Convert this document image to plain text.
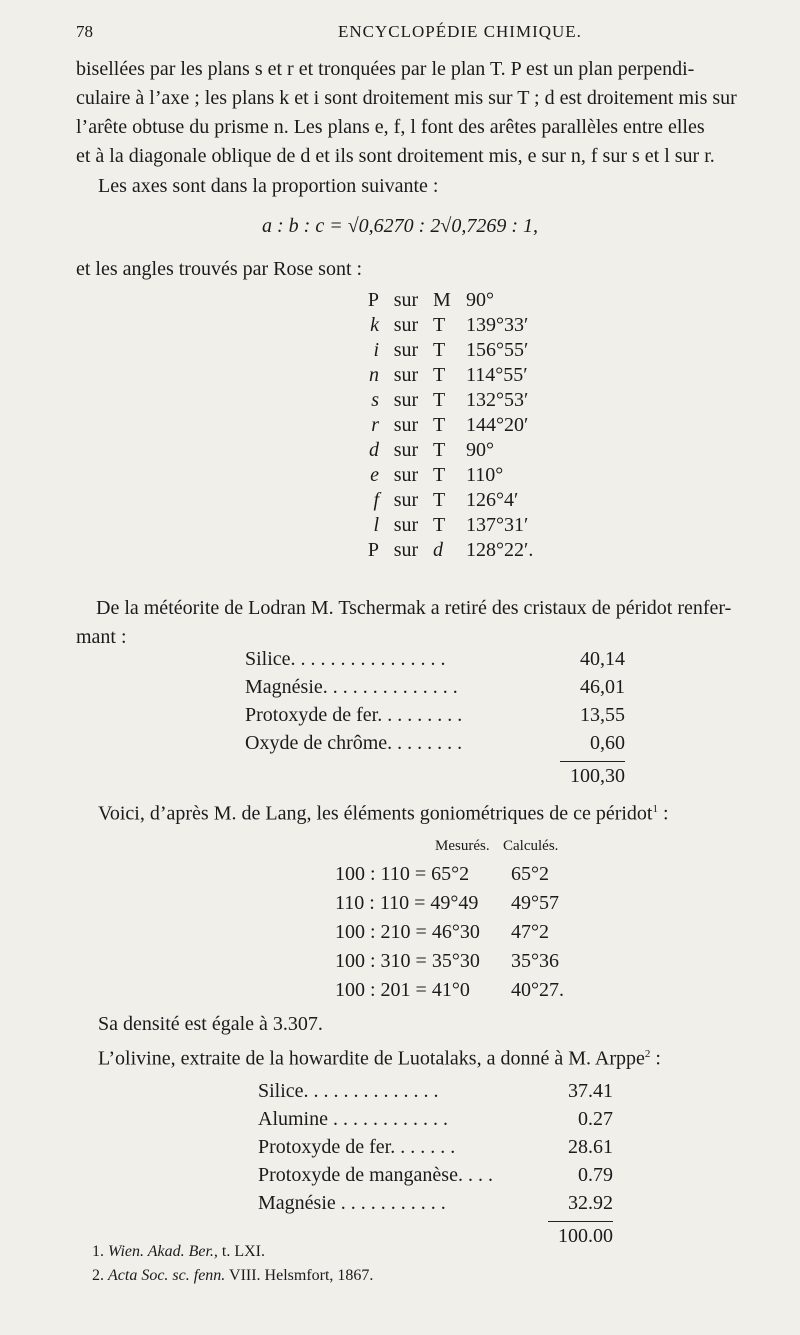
78	ENCYCLOPÉDIE CHIMIQUE.
bisellées par les plans s et r et tronquées par le plan T. P est un plan perpendi-
culaire à l’axe ; les plans k et i sont droitement mis sur T ; d est droitement mis sur
l’arête obtuse du prisme n. Les plans e, f, l font des arêtes parallèles entre elles
et à la diagonale oblique de d et ils sont droitement mis, e sur n, f sur s et l sur r.
Les axes sont dans la proportion suivante :
a : b : c = √0,6270 : 2√0,7269 : 1,
et les angles trouvés par Rose sont :
P sur M 90°
k sur T 139°33′
i sur T 156°55′
n sur T 114°55′
s sur T 132°53′
r sur T 144°20′
d sur T 90°
e sur T 110°
f sur T 126°4′
l sur T 137°31′
P sur d 128°22′.
De la météorite de Lodran M. Tschermak a retiré des cristaux de péridot renfer-
mant :
Silice. . . . . . . . . . . . . . . .	40,14
Magnésie. . . . . . . . . . . . . .	46,01
Protoxyde de fer. . . . . . . . .	13,55
Oxyde de chrôme. . . . . . . .	0,60
100,30
Voici, d’après M. de Lang, les éléments goniométriques de ce péridot$^1$ :
Mesurés. Calculés.
100 : 110 = 65°2 65°2
110 : 110 = 49°49 49°57
100 : 210 = 46°30 47°2
100 : 310 = 35°30 35°36
100 : 201 = 41°0 40°27.
Sa densité est égale à 3.307.
L’olivine, extraite de la howardite de Luotalaks, a donné à M. Arppe$^2$ :
Silice. . . . . . . . . . . . . .	37.41
Alumine . . . . . . . . . . . .	0.27
Protoxyde de fer. . . . . . .	28.61
Protoxyde de manganèse. . . .	0.79
Magnésie . . . . . . . . . . .	32.92
100.00
1. Wien. Akad. Ber., t. LXI.
2. Acta Soc. sc. fenn. VIII. Helsmfort, 1867.
